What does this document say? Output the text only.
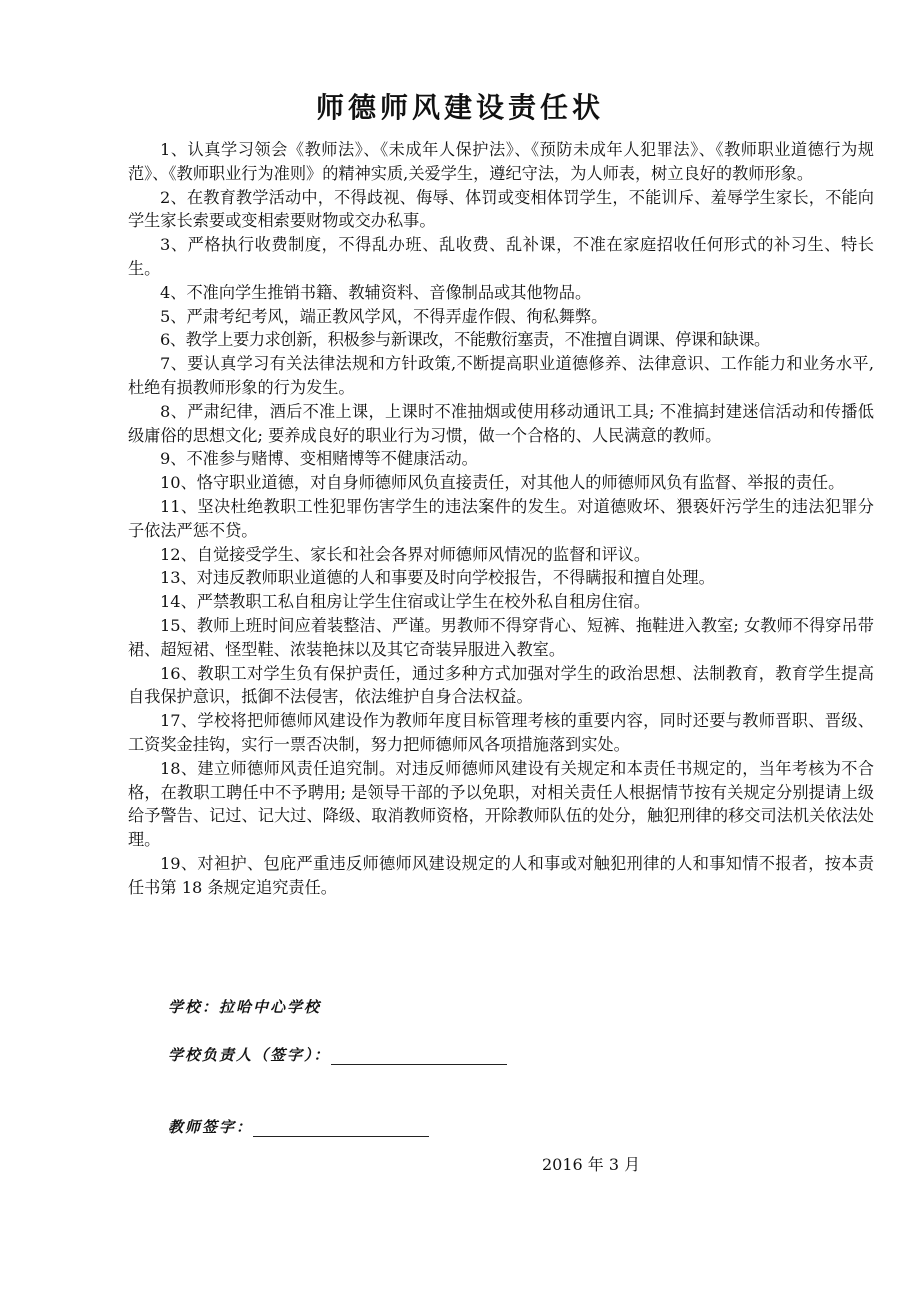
师德师风建设责任状

1、认真学习领会《教师法》、《未成年人保护法》、《预防未成年人犯罪法》、《教师职业道德行为规范》、《教师职业行为准则》的精神实质,关爱学生，遵纪守法，为人师表，树立良好的教师形象。

2、在教育教学活动中，不得歧视、侮辱、体罚或变相体罚学生，不能训斥、羞辱学生家长，不能向学生家长索要或变相索要财物或交办私事。

3、严格执行收费制度，不得乱办班、乱收费、乱补课，不准在家庭招收任何形式的补习生、特长生。

4、不准向学生推销书籍、教辅资料、音像制品或其他物品。

5、严肃考纪考风，端正教风学风，不得弄虚作假、徇私舞弊。

6、教学上要力求创新，积极参与新课改，不能敷衍塞责，不准擅自调课、停课和缺课。

7、要认真学习有关法律法规和方针政策,不断提高职业道德修养、法律意识、工作能力和业务水平,杜绝有损教师形象的行为发生。

8、严肃纪律，酒后不准上课，上课时不准抽烟或使用移动通讯工具; 不准搞封建迷信活动和传播低级庸俗的思想文化; 要养成良好的职业行为习惯，做一个合格的、人民满意的教师。

9、不准参与赌博、变相赌博等不健康活动。

10、恪守职业道德，对自身师德师风负直接责任，对其他人的师德师风负有监督、举报的责任。

11、坚决杜绝教职工性犯罪伤害学生的违法案件的发生。对道德败坏、猥亵奸污学生的违法犯罪分子依法严惩不贷。

12、自觉接受学生、家长和社会各界对师德师风情况的监督和评议。

13、对违反教师职业道德的人和事要及时向学校报告，不得瞒报和擅自处理。

14、严禁教职工私自租房让学生住宿或让学生在校外私自租房住宿。

15、教师上班时间应着装整洁、严谨。男教师不得穿背心、短裤、拖鞋进入教室; 女教师不得穿吊带裙、超短裙、怪型鞋、浓装艳抹以及其它奇装异服进入教室。

16、教职工对学生负有保护责任，通过多种方式加强对学生的政治思想、法制教育，教育学生提高自我保护意识，抵御不法侵害，依法维护自身合法权益。

17、学校将把师德师风建设作为教师年度目标管理考核的重要内容，同时还要与教师晋职、晋级、工资奖金挂钩，实行一票否决制，努力把师德师风各项措施落到实处。

18、建立师德师风责任追究制。对违反师德师风建设有关规定和本责任书规定的，当年考核为不合格，在教职工聘任中不予聘用; 是领导干部的予以免职，对相关责任人根据情节按有关规定分别提请上级给予警告、记过、记大过、降级、取消教师资格，开除教师队伍的处分，触犯刑律的移交司法机关依法处理。

19、对袒护、包庇严重违反师德师风建设规定的人和事或对触犯刑律的人和事知情不报者，按本责任书第 18 条规定追究责任。

学校：拉哈中心学校
学校负责人（签字）：
教师签字：
2016 年 3 月
